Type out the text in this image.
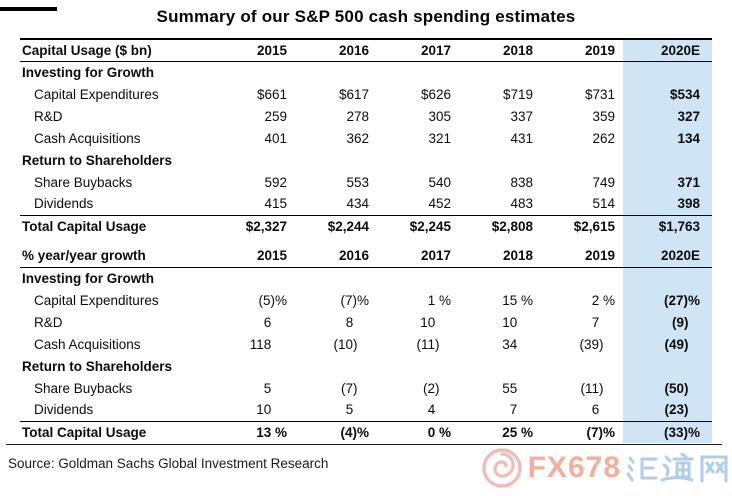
Summary of our S&P 500 cash spending estimates
Capital Usage ($ bn)	2015	2016	2017	2018	2019	2020E
Investing for Growth						
Capital Expenditures	$661	$617	$626	$719	$731	$534
R&D	259	278	305	337	359	327
Cash Acquisitions	401	362	321	431	262	134
Return to Shareholders						
Share Buybacks	592	553	540	838	749	371
Dividends	415	434	452	483	514	398
Total Capital Usage	$2,327	$2,244	$2,245	$2,808	$2,615	$1,763
% year/year growth	2015	2016	2017	2018	2019	2020E
Investing for Growth						
Capital Expenditures	(5)%	(7)%	1 %	15 %	2 %	(27)%
R&D	6	8	10	10	7	(9)
Cash Acquisitions	118	(10)	(11)	34	(39)	(49)
Return to Shareholders						
Share Buybacks	5	(7)	(2)	55	(11)	(50)
Dividends	10	5	4	7	6	(23)
Total Capital Usage	13 %	(4)%	0 %	25 %	(7)%	(33)%
Source: Goldman Sachs Global Investment Research	FX678
